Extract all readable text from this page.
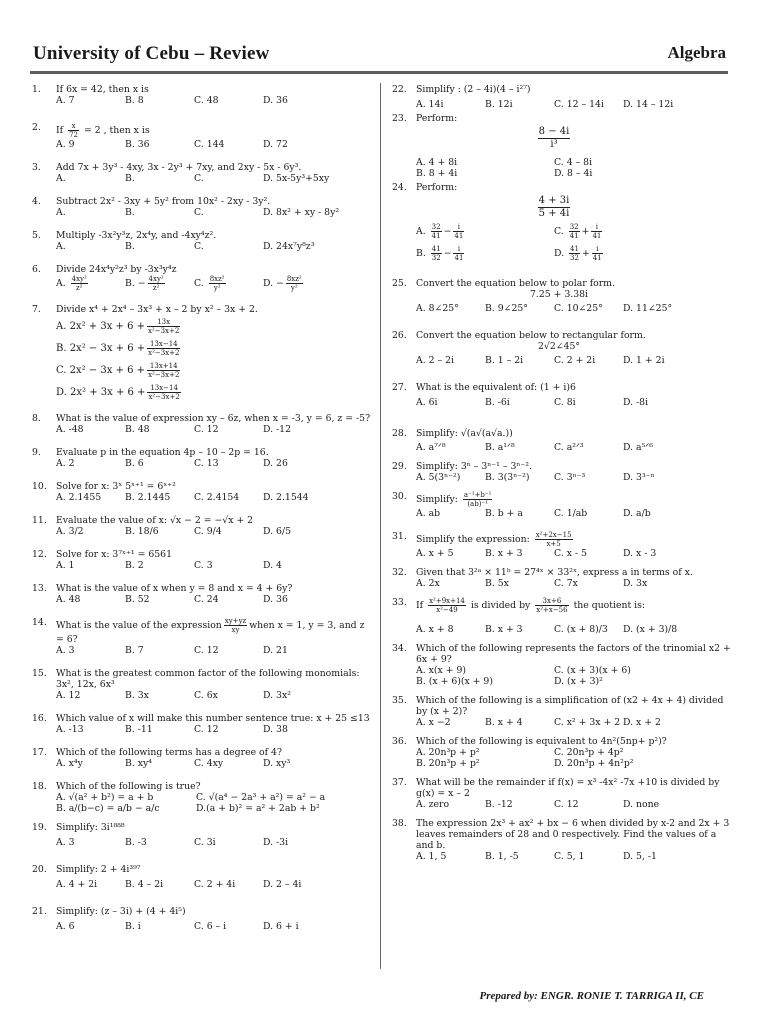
University of Cebu – Review	Algebra
1.	If 6x = 42, then x is
A. 7	B. 8	C. 48	D. 36
2.	If $\frac{x}{72} = 2$ , then x is
A. 9	B. 36	C. 144	D. 72
3.	Add 7x + 3y³ - 4xy, 3x - 2y³ + 7xy, and 2xy - 5x - 6y³.
A.	B.	C.	D. 5x-5y³+5xy
4.	Subtract 2x² - 3xy + 5y² from 10x² - 2xy - 3y².
A.	B.	C.	D. 8x² + xy - 8y²
5.	Multiply -3x²y³z, 2x⁴y, and -4xy⁴z².
A.	B.	C.	D. 24x⁷y⁸z³
6.	Divide 24x⁴y²z³ by -3x³y⁴z
A. $\frac{\text{4xy²}}{\text{z²}}$	B. − $\frac{\text{4xy²}}{\text{z²}}$	C. $\frac{\text{8xz²}}{\text{y²}}$	D. − $\frac{\text{8xz²}}{\text{y²}}$
7.	Divide x⁴ + 2x⁴ – 3x³ + x – 2 by x² – 3x + 2.
A. $2x^2 + 3x + 6 + \frac{13x}{\text{x²−3x+2}}$
B. $2x^2 - 3x + 6 + \frac{13x-14}{\text{x²−3x+2}}$
C. $2x^2 - 3x + 6 + \frac{13x+14}{\text{x²−3x+2}}$
D. $2x^2 + 3x + 6 + \frac{13x-14}{\text{x²−3x+2}}$
8.	What is the value of expression xy – 6z, when x = -3, y = 6, z = -5?
A. -48	B. 48	C. 12	D. -12
9.	Evaluate p in the equation 4p – 10 – 2p = 16.
A. 2	B. 6	C. 13	D. 26
10. Solve for x: 3ˣ 5ˣ⁺¹ = 6ˣ⁺²
A. 2.1455	B. 2.1445	C. 2.4154	D. 2.1544
11. Evaluate the value of x: √x − 2 = −√x + 2
A. 3/2	B. 18/6	C. 9/4	D. 6/5
12. Solve for x: 3⁷ˣ⁺¹ = 6561
A. 1	B. 2	C. 3	D. 4
13. What is the value of x when y = 8 and x = 4 + 6y?
A. 48	B. 52	C. 24	D. 36
14. What is the value of the expression $\frac{xy+yz}{xy}$ when x = 1, y = 3, and z = 6?
A. 3	B. 7	C. 12	D. 21
15. What is the greatest common factor of the following monomials: 3x², 12x, 6x³
A. 12	B. 3x	C. 6x	D. 3x²
16. Which value of x will make this number sentence true: x + 25 ≤13
A. -13	B. -11	C. 12	D. 38
17. Which of the following terms has a degree of 4?
A. x⁴y	B. xy⁴	C. 4xy	D. xy³
18. Which of the following is true?
A. √(a² + b²) = a + b	C. √(a⁴ − 2a³ + a²) = a² − a
B. a/(b−c) = a/b − a/c	D.(a + b)² = a² + 2ab + b²
19. Simplify: 3i¹⁸⁸⁸
A. 3	B. -3	C. 3i	D. -3i
20. Simplify: 2 + 4i³⁹⁷
A. 4 + 2i	B. 4 – 2i	C. 2 + 4i	D. 2 – 4i
21. Simplify: (z – 3i) + (4 + 4i⁵)
A. 6	B. i	C. 6 – i	D. 6 + i
22. Simplify : (2 – 4i)(4 – i²⁷)
A. 14i	B. 12i	C. 12 – 14i	D. 14 – 12i
23. Perform:
$\frac{8 - 4i}{\text{i³}}$
A. 4 + 8i	C. 4 – 8i
B. 8 + 4i	D. 8 – 4i
24. Perform:
$\frac{4 + 3i}{5 + 4i}$
A. $\frac{32}{41} - \frac{i}{41}$	C. $\frac{32}{41} + \frac{i}{41}$
B. $\frac{41}{32} - \frac{i}{41}$	D. $\frac{41}{32} + \frac{i}{41}$
25. Convert the equation below to polar form.
7.25 + 3.38i
A. 8∠25°	B. 9∠25°	C. 10∠25°	D. 11∠25°
26. Convert the equation below to rectangular form.
2√2∠45°
A. 2 – 2i	B. 1 – 2i	C. 2 + 2i	D. 1 + 2i
27. What is the equivalent of: (1 + i)6
A. 6i	B. -6i	C. 8i	D. -8i
28. Simplify: √(a√(a√a.))
A. a⁷ᐟ⁸	B. a¹ᐟ⁸	C. a²ᐟ³	D. a⁵ᐟ⁶
29. Simplify: 3ⁿ – 3ⁿ⁻¹ – 3ⁿ⁻².
A. 5(3ⁿ⁻²)	B. 3(3ⁿ⁻²)	C. 3ⁿ⁻³	D. 3³⁻ⁿ
30. Simplify: $\frac{\text{a⁻¹+b⁻¹}}{\text{(ab)⁻¹}}$
A. ab	B. b + a	C. 1/ab	D. a/b
31. Simplify the expression: $\frac{\text{x²+2x−15}}{x+5}$
A. x + 5	B. x + 3	C. x - 5	D. x - 3
32. Given that 3²ᵃ × 11ᵇ = 27⁴ˣ × 33²ˣ, express a in terms of x.
A. 2x	B. 5x	C. 7x	D. 3x
33. If $\frac{\text{x²+9x+14}}{\text{x²−49}}$ is divided by $\frac{3x+6}{\text{x²+x−56}}$ the quotient is:
A. x + 8	B. x + 3	C. (x + 8)/3	D. (x + 3)/8
34. Which of the following represents the factors of the trinomial x2 + 6x + 9?
A. x(x + 9)	C. (x + 3)(x + 6)
B. (x + 6)(x + 9)	D. (x + 3)²
35. Which of the following is a simplification of (x2 + 4x + 4) divided by (x + 2)?
A. x −2	B. x + 4	C. x² + 3x + 2 D. x + 2
36. Which of the following is equivalent to 4n²(5np+ p²)?
A. 20n³p + p²	C. 20n³p + 4p²
B. 20n³p + p²	D. 20n³p + 4n²p²
37. What will be the remainder if f(x) = x³ -4x² -7x +10 is divided by g(x) = x – 2
A. zero	B. -12	C. 12	D. none
38. The expression 2x³ + ax² + bx − 6 when divided by x-2 and 2x + 3 leaves remainders of 28 and 0 respectively. Find the values of a and b.
A. 1, 5	B. 1, -5	C. 5, 1	D. 5, -1
Prepared by: ENGR. RONIE T. TARRIGA II, CE
